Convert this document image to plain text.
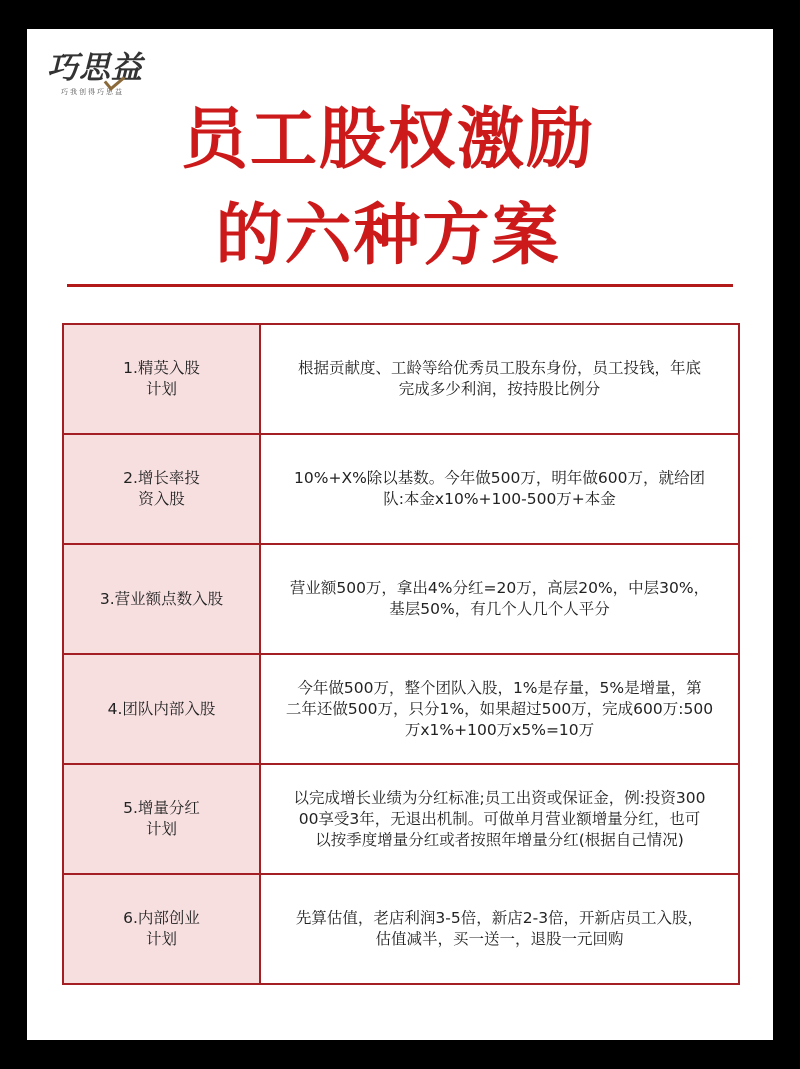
巧思益
巧我创得巧思益
员工股权激励
的六种方案
1.精英入股
计划	根据贡献度、工龄等给优秀员工股东身份，员工投钱，年底
完成多少利润，按持股比例分

2.增长率投
资入股	10%+X%除以基数。今年做500万，明年做600万，就给团
队:本金x10%+100-500万+本金

3.营业额点数入股	营业额500万，拿出4%分红=20万，高层20%，中层30%，
基层50%，有几个人几个人平分

4.团队内部入股	今年做500万，整个团队入股，1%是存量，5%是增量，第
二年还做500万，只分1%，如果超过500万，完成600万:500
万x1%+100万x5%=10万

5.增量分红
计划	以完成增长业绩为分红标准;员工出资或保证金，例:投资300
00享受3年，无退出机制。可做单月营业额增量分红，也可
以按季度增量分红或者按照年增量分红(根据自己情况)

6.内部创业
计划	先算估值，老店利润3-5倍，新店2-3倍，开新店员工入股，
估值减半，买一送一，退股一元回购
